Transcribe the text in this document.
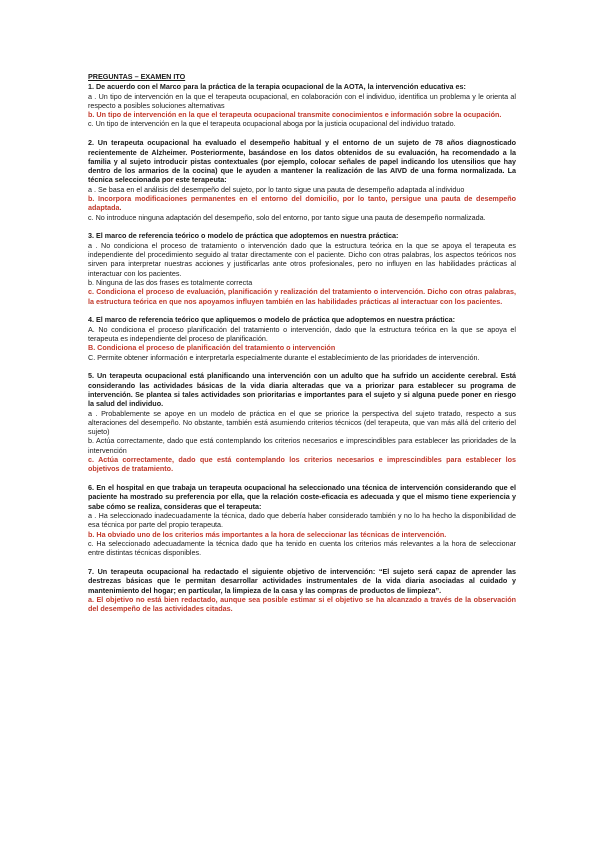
PREGUNTAS – EXAMEN ITO
1. De acuerdo con el Marco para la práctica de la terapia ocupacional de la AOTA, la intervención educativa es:
a . Un tipo de intervención en la que el terapeuta ocupacional, en colaboración con el individuo, identifica un problema y le orienta al respecto a posibles soluciones alternativas
b. Un tipo de intervención en la que el terapeuta ocupacional transmite conocimientos e información sobre la ocupación.
c. Un tipo de intervención en la que el terapeuta ocupacional aboga por la justicia ocupacional del individuo tratado.
2. Un terapeuta ocupacional ha evaluado el desempeño habitual y el entorno de un sujeto de 78 años diagnosticado recientemente de Alzheimer. Posteriormente, basándose en los datos obtenidos de su evaluación, ha recomendado a la familia y al sujeto introducir pistas contextuales (por ejemplo, colocar señales de papel indicando los utensilios que hay dentro de los armarios de la cocina) que le ayuden a mantener la realización de las AIVD de una forma normalizada. La técnica seleccionada por este terapeuta:
a . Se basa en el análisis del desempeño del sujeto, por lo tanto sigue una pauta de desempeño adaptada al individuo
b. Incorpora modificaciones permanentes en el entorno del domicilio, por lo tanto, persigue una pauta de desempeño adaptada.
c. No introduce ninguna adaptación del desempeño, solo del entorno, por tanto sigue una pauta de desempeño normalizada.
3. El marco de referencia teórico o modelo de práctica que adoptemos en nuestra práctica:
a . No condiciona el proceso de tratamiento o intervención dado que la estructura teórica en la que se apoya el terapeuta es independiente del procedimiento seguido al tratar directamente con el paciente. Dicho con otras palabras, los aspectos teóricos nos sirven para interpretar nuestras acciones y justificarlas ante otros profesionales, pero no influyen en las habilidades prácticas al interactuar con los pacientes.
b. Ninguna de las dos frases es totalmente correcta
c. Condiciona el proceso de evaluación, planificación y realización del tratamiento o intervención. Dicho con otras palabras, la estructura teórica en que nos apoyamos influyen también en las habilidades prácticas al interactuar con los pacientes.
4. El marco de referencia teórico que apliquemos o modelo de práctica que adoptemos en nuestra práctica:
A. No condiciona el proceso planificación del tratamiento o intervención, dado que la estructura teórica en la que se apoya el terapeuta es independiente del proceso de planificación.
B. Condiciona el proceso de planificación del tratamiento o intervención
C. Permite obtener información e interpretarla especialmente durante el establecimiento de las prioridades de intervención.
5. Un terapeuta ocupacional está planificando una intervención con un adulto que ha sufrido un accidente cerebral. Está considerando las actividades básicas de la vida diaria alteradas que va a priorizar para establecer su programa de intervención. Se plantea si tales actividades son prioritarias e importantes para el sujeto y si alguna puede poner en riesgo la salud del individuo.
a . Probablemente se apoye en un modelo de práctica en el que se priorice la perspectiva del sujeto tratado, respecto a sus alteraciones del desempeño. No obstante, también está asumiendo criterios técnicos (del terapeuta, que van más allá del criterio del sujeto)
b. Actúa correctamente, dado que está contemplando los criterios necesarios e imprescindibles para establecer las prioridades de la intervención
c. Actúa correctamente, dado que está contemplando los criterios necesarios e imprescindibles para establecer los objetivos de tratamiento.
6. En el hospital en que trabaja un terapeuta ocupacional ha seleccionado una técnica de intervención considerando que el paciente ha mostrado su preferencia por ella, que la relación coste-eficacia es adecuada y que el mismo tiene experiencia y sabe cómo se realiza, consideras que el terapeuta:
a . Ha seleccionado inadecuadamente la técnica, dado que debería haber considerado también y no lo ha hecho la disponibilidad de esa técnica por parte del propio terapeuta.
b. Ha obviado uno de los criterios más importantes a la hora de seleccionar las técnicas de intervención.
c. Ha seleccionado adecuadamente la técnica dado que ha tenido en cuenta los criterios más relevantes a la hora de seleccionar entre distintas técnicas disponibles.
7. Un terapeuta ocupacional ha redactado el siguiente objetivo de intervención: “El sujeto será capaz de aprender las destrezas básicas que le permitan desarrollar actividades instrumentales de la vida diaria asociadas al cuidado y mantenimiento del hogar; en particular, la limpieza de la casa y las compras de productos de limpieza”.
a. El objetivo no está bien redactado, aunque sea posible estimar si el objetivo se ha alcanzado a través de la observación del desempeño de las actividades citadas.
